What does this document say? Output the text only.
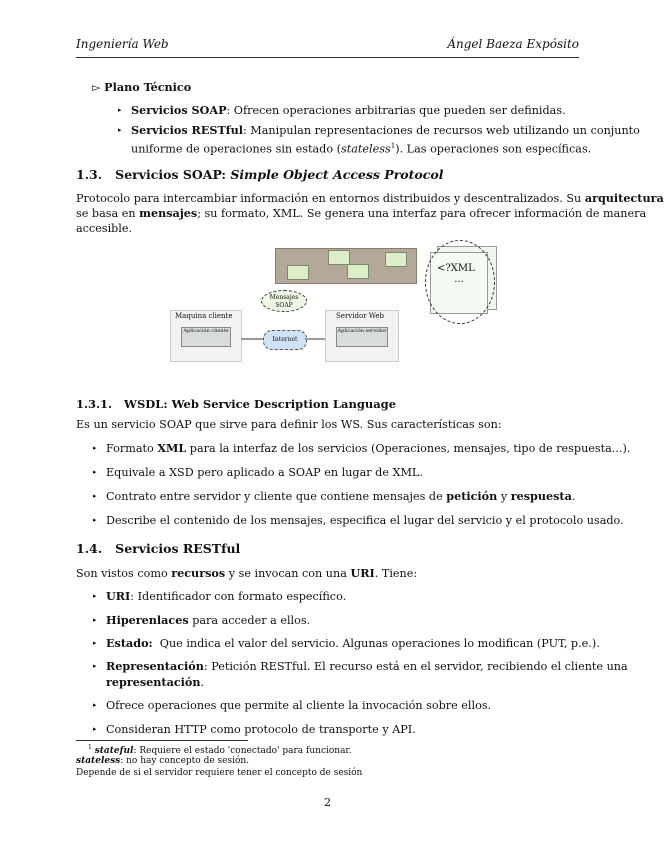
Ingeniería Web	Ángel Baeza Expósito
▻ Plano Técnico
▸ Servicios SOAP: Ofrecen operaciones arbitrarias que pueden ser definidas.
▸ Servicios RESTful: Manipulan representaciones de recursos web utilizando un conjunto
uniforme de operaciones sin estado (stateless$^1$). Las operaciones son específicas.
1.3. Servicios SOAP: Simple Object Access Protocol
Protocolo para intercambiar información en entornos distribuidos y descentralizados. Su arquitectura
se basa en mensajes; su formato, XML. Se genera una interfaz para ofrecer información de manera
accesible.
<?XML
...
Mensajes SOAP
Maquina cliente
Aplicación cliente
Internet
Servidor Web
Aplicación servidor
1.3.1. WSDL: Web Service Description Language
Es un servicio SOAP que sirve para definir los WS. Sus características son:
▸ Formato XML para la interfaz de los servicios (Operaciones, mensajes, tipo de respuesta...).
▸ Equivale a XSD pero aplicado a SOAP en lugar de XML.
▸ Contrato entre servidor y cliente que contiene mensajes de petición y respuesta.
▸ Describe el contenido de los mensajes, especifica el lugar del servicio y el protocolo usado.
1.4. Servicios RESTful
Son vistos como recursos y se invocan con una URI. Tiene:
▸ URI: Identificador con formato específico.
▸ Hiperenlaces para acceder a ellos.
▸ Estado:  Que indica el valor del servicio. Algunas operaciones lo modifican (PUT, p.e.).
▸ Representación: Petición RESTful. El recurso está en el servidor, recibiendo el cliente una
representación.
▸ Ofrece operaciones que permite al cliente la invocación sobre ellos.
▸ Consideran HTTP como protocolo de transporte y API.
$^1$ stateful: Requiere el estado 'conectado' para funcionar.
stateless: no hay concepto de sesión.
Depende de si el servidor requiere tener el concepto de sesión
2
